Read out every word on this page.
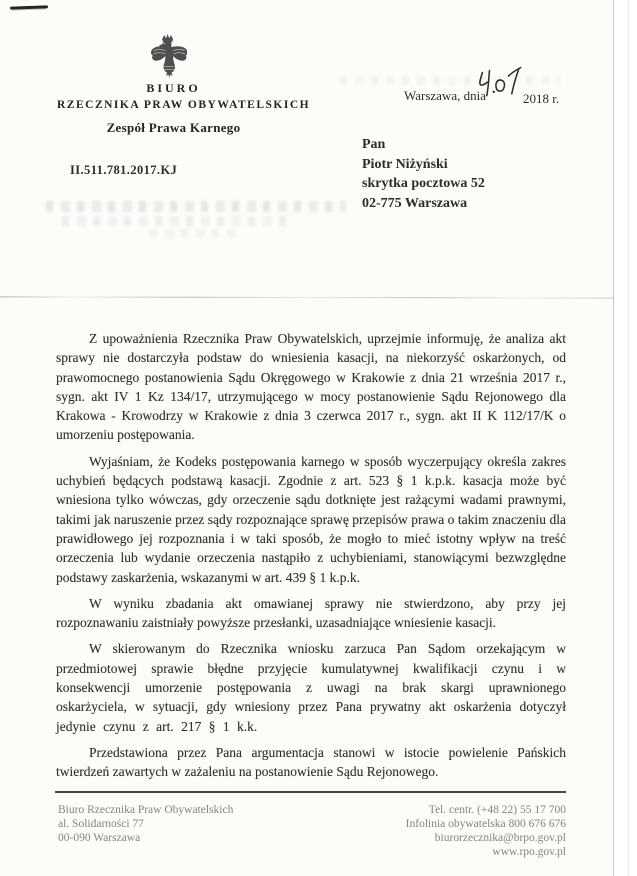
BIURO
RZECZNIKA PRAW OBYWATELSKICH
Zespół Prawa Karnego
Warszawa, dnia	2018 r.
II.511.781.2017.KJ
Pan
Piotr Niżyński
skrytka pocztowa 52
02-775 Warszawa

Z upoważnienia Rzecznika Praw Obywatelskich, uprzejmie informuję, że analiza akt sprawy nie dostarczyła podstaw do wniesienia kasacji, na niekorzyść oskarżonych, od prawomocnego postanowienia Sądu Okręgowego w Krakowie z dnia 21 września 2017 r., sygn. akt IV 1 Kz 134/17, utrzymującego w mocy postanowienie Sądu Rejonowego dla Krakowa - Krowodrzy w Krakowie z dnia 3 czerwca 2017 r., sygn. akt II K 112/17/K o umorzeniu postępowania.

Wyjaśniam, że Kodeks postępowania karnego w sposób wyczerpujący określa zakres uchybień będących podstawą kasacji. Zgodnie z art. 523 § 1 k.p.k. kasacja może być wniesiona tylko wówczas, gdy orzeczenie sądu dotknięte jest rażącymi wadami prawnymi, takimi jak naruszenie przez sądy rozpoznające sprawę przepisów prawa o takim znaczeniu dla prawidłowego jej rozpoznania i w taki sposób, że mogło to mieć istotny wpływ na treść orzeczenia lub wydanie orzeczenia nastąpiło z uchybieniami, stanowiącymi bezwzględne podstawy zaskarżenia, wskazanymi w art. 439 § 1 k.p.k.

W wyniku zbadania akt omawianej sprawy nie stwierdzono, aby przy jej rozpoznawaniu zaistniały powyższe przesłanki, uzasadniające wniesienie kasacji.

W skierowanym do Rzecznika wniosku zarzuca Pan Sądom orzekającym w przedmiotowej sprawie błędne przyjęcie kumulatywnej kwalifikacji czynu i w konsekwencji umorzenie postępowania z uwagi na brak skargi uprawnionego oskarżyciela, w sytuacji, gdy wniesiony przez Pana prywatny akt oskarżenia dotyczył jedynie czynu z art. 217 § 1 k.k.

Przedstawiona przez Pana argumentacja stanowi w istocie powielenie Pańskich twierdzeń zawartych w zażaleniu na postanowienie Sądu Rejonowego.

Biuro Rzecznika Praw Obywatelskich
al. Solidarności 77
00-090 Warszawa
Tel. centr. (+48 22) 55 17 700
Infolinia obywatelska 800 676 676
biurorzecznika@brpo.gov.pl
www.rpo.gov.pl
